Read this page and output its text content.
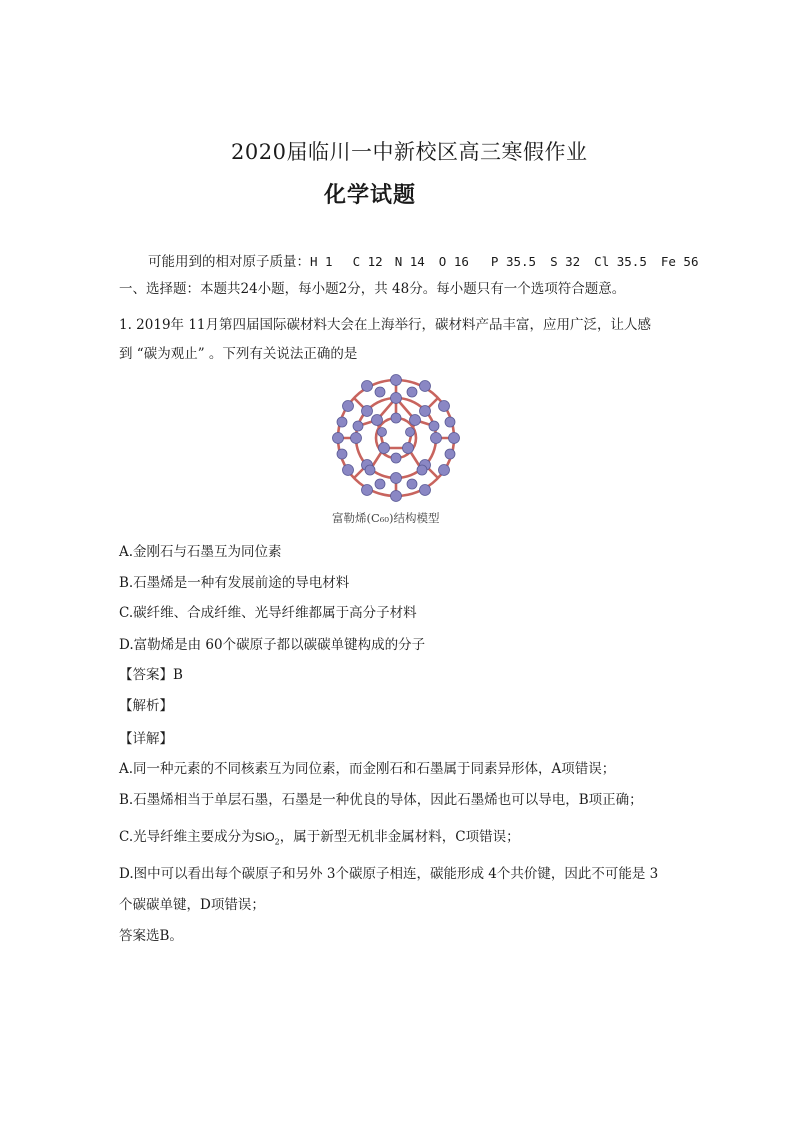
2020届临川一中新校区高三寒假作业
化学试题
可能用到的相对原子质量：H 1 C 12 N 14 O 16 P 35.5 S 32 Cl 35.5 Fe 56
一、选择题：本题共24小题，每小题2分，共 48分。每小题只有一个选项符合题意。
1. 2019年 11月第四届国际碳材料大会在上海举行，碳材料产品丰富，应用广泛，让人感
到 “碳为观止” 。下列有关说法正确的是
富勒烯(C₆₀)结构模型
A.金刚石与石墨互为同位素
B.石墨烯是一种有发展前途的导电材料
C.碳纤维、合成纤维、光导纤维都属于高分子材料
D.富勒烯是由 60个碳原子都以碳碳单键构成的分子
【答案】B
【解析】
【详解】
A.同一种元素的不同核素互为同位素，而金刚石和石墨属于同素异形体，A项错误；
B.石墨烯相当于单层石墨，石墨是一种优良的导体，因此石墨烯也可以导电，B项正确；
C.光导纤维主要成分为SiO$_2$，属于新型无机非金属材料，C项错误；
D.图中可以看出每个碳原子和另外 3个碳原子相连，碳能形成 4个共价键，因此不可能是 3
个碳碳单键，D项错误；
答案选B。
